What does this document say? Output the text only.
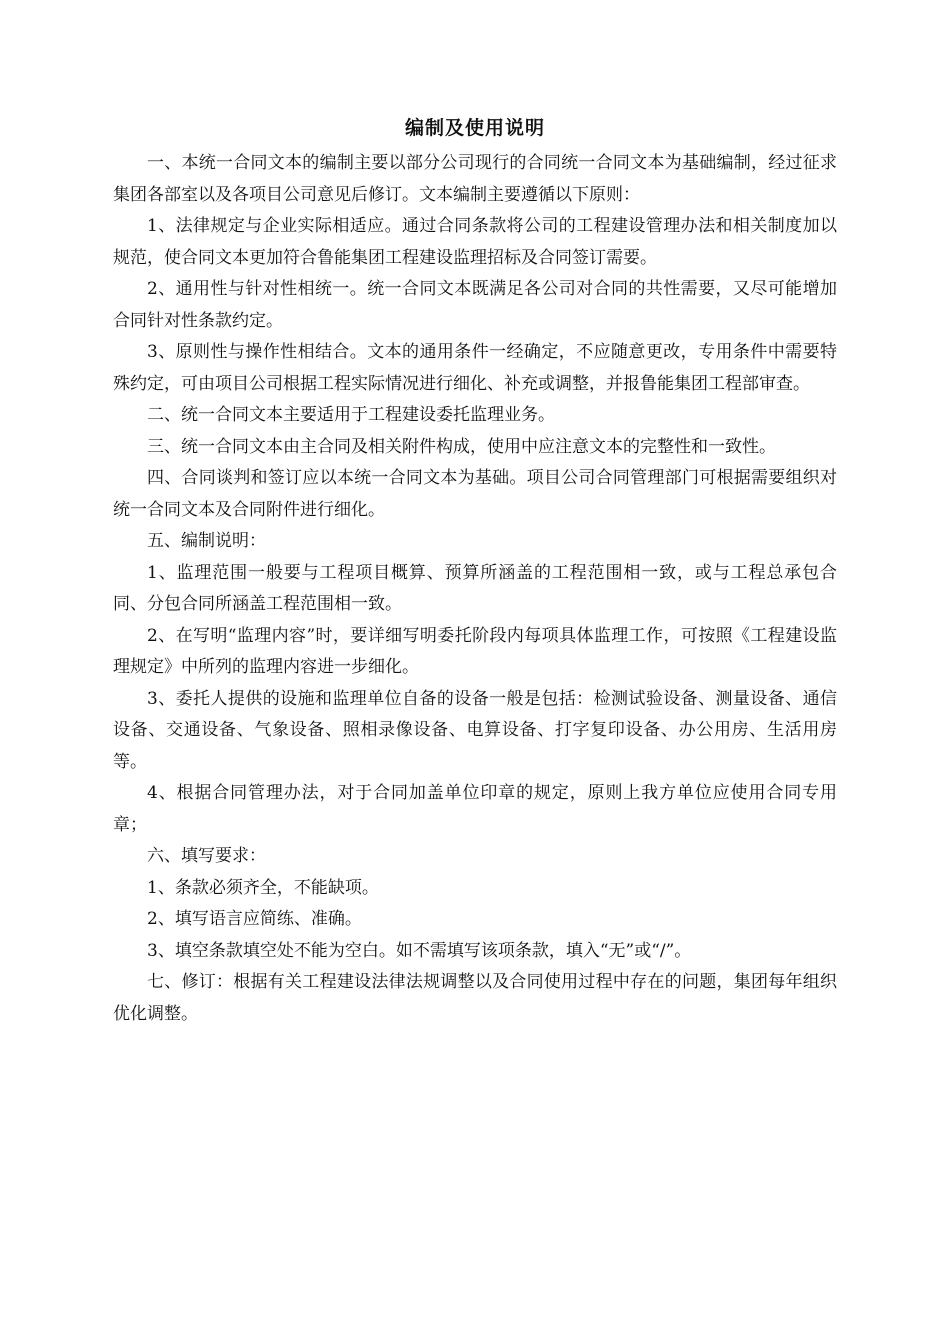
编制及使用说明

一、本统一合同文本的编制主要以部分公司现行的合同统一合同文本为基础编制，经过征求集团各部室以及各项目公司意见后修订。文本编制主要遵循以下原则：

1、法律规定与企业实际相适应。通过合同条款将公司的工程建设管理办法和相关制度加以规范，使合同文本更加符合鲁能集团工程建设监理招标及合同签订需要。

2、通用性与针对性相统一。统一合同文本既满足各公司对合同的共性需要，又尽可能增加合同针对性条款约定。

3、原则性与操作性相结合。文本的通用条件一经确定，不应随意更改，专用条件中需要特殊约定，可由项目公司根据工程实际情况进行细化、补充或调整，并报鲁能集团工程部审查。

二、统一合同文本主要适用于工程建设委托监理业务。

三、统一合同文本由主合同及相关附件构成，使用中应注意文本的完整性和一致性。

四、合同谈判和签订应以本统一合同文本为基础。项目公司合同管理部门可根据需要组织对统一合同文本及合同附件进行细化。

五、编制说明：

1、监理范围一般要与工程项目概算、预算所涵盖的工程范围相一致，或与工程总承包合同、分包合同所涵盖工程范围相一致。

2、在写明“监理内容”时，要详细写明委托阶段内每项具体监理工作，可按照《工程建设监理规定》中所列的监理内容进一步细化。

3、委托人提供的设施和监理单位自备的设备一般是包括：检测试验设备、测量设备、通信设备、交通设备、气象设备、照相录像设备、电算设备、打字复印设备、办公用房、生活用房等。

4、根据合同管理办法，对于合同加盖单位印章的规定，原则上我方单位应使用合同专用章；

六、填写要求：

1、条款必须齐全，不能缺项。

2、填写语言应简练、准确。

3、填空条款填空处不能为空白。如不需填写该项条款，填入“无”或“/”。

七、修订：根据有关工程建设法律法规调整以及合同使用过程中存在的问题，集团每年组织优化调整。
